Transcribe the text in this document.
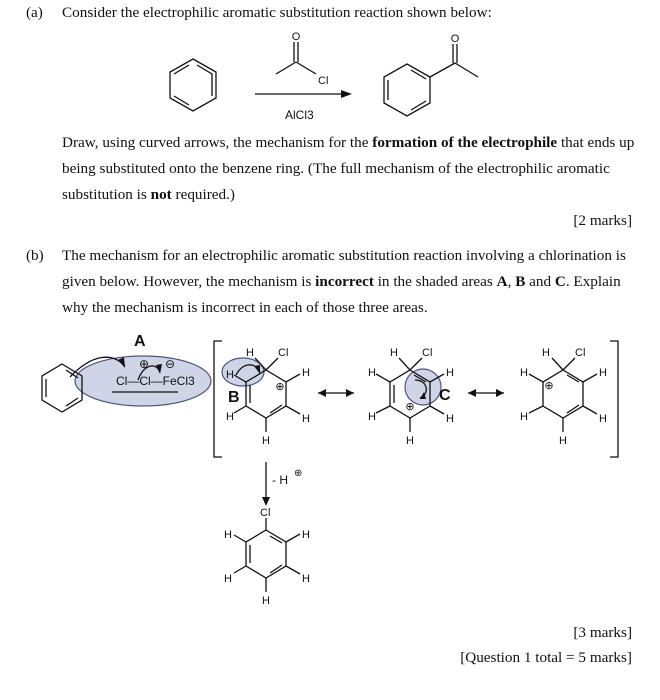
(a) Consider the electrophilic aromatic substitution reaction shown below:
O	O
Cl
AlCl3
Draw, using curved arrows, the mechanism for the formation of the electrophile that ends up
being substituted onto the benzene ring. (The full mechanism of the electrophilic aromatic
substitution is not required.)
[2 marks]
(b) The mechanism for an electrophilic aromatic substitution reaction involving a chlorination is
given below. However, the mechanism is incorrect in the shaded areas A, B and C. Explain
why the mechanism is incorrect in each of those three areas.
A
B	C
Cl—Cl—FeCl3
⊕ ⊖
H Cl
H
H
H	H
H
⊕
H Cl
H
H
H	H
H
⊕
H Cl
H
H
H	H
H
⊕
- H ⊕
Cl
H	H
H	H
H
[3 marks]
[Question 1 total = 5 marks]
